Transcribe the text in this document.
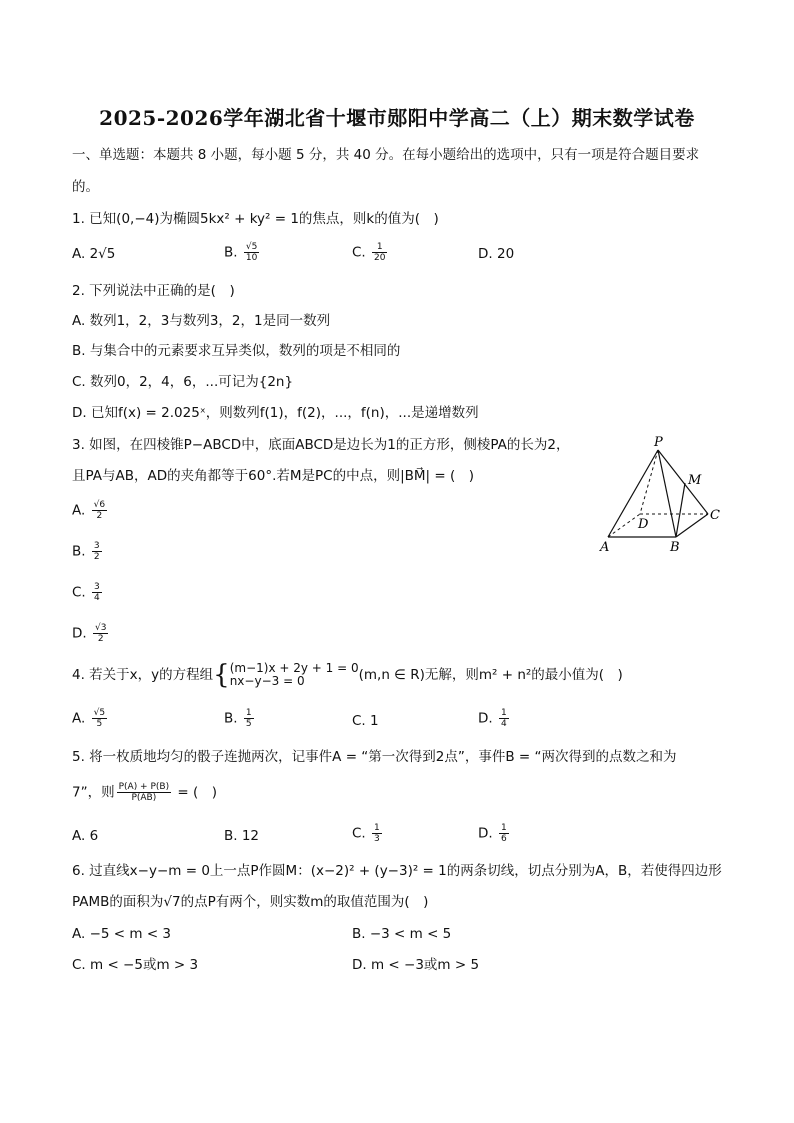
2025-2026学年湖北省十堰市郧阳中学高二（上）期末数学试卷
一、单选题：本题共 8 小题，每小题 5 分，共 40 分。在每小题给出的选项中，只有一项是符合题目要求
的。
1. 已知(0,−4)为椭圆5kx² + ky² = 1的焦点，则k的值为(　)
A. 2√5	B. $\frac{√5}{10}$	C. $\frac{1}{20}$	D. 20
2. 下列说法中正确的是(　)
A. 数列1，2，3与数列3，2，1是同一数列
B. 与集合中的元素要求互异类似，数列的项是不相同的
C. 数列0，2，4，6，...可记为{2n}
D. 已知f(x) = 2.025ˣ，则数列f(1)，f(2)，...，f(n)，...是递增数列
3. 如图，在四棱锥P−ABCD中，底面ABCD是边长为1的正方形，侧棱PA的长为2，
且PA与AB，AD的夹角都等于60°.若M是PC的中点，则|BM⃗| = (　)
A. $\frac{√6}{2}$
B. $\frac{3}{2}$
C. $\frac{3}{4}$
D. $\frac{√3}{2}$
P
M
D
C
A	B
4. 若关于x，y的方程组{ (m−1)x + 2y + 1 = 0
nx−y−3 = 0	(m,n ∈ R)无解，则m² + n²的最小值为(　)
A. $\frac{√5}{5}$	B. $\frac{1}{5}$	C. 1	D. $\frac{1}{4}$
5. 将一枚质地均匀的骰子连抛两次，记事件A = “第一次得到2点”，事件B = “两次得到的点数之和为
7”，则 $\frac{P(A) + P(B)}{P(AB)}$ = (　)
A. 6	B. 12	C. $\frac{1}{3}$	D. $\frac{1}{6}$
6. 过直线x−y−m = 0上一点P作圆M：(x−2)² + (y−3)² = 1的两条切线，切点分别为A，B，若使得四边形
PAMB的面积为√7的点P有两个，则实数m的取值范围为(　)
A. −5 < m < 3	B. −3 < m < 5
C. m < −5或m > 3	D. m < −3或m > 5
